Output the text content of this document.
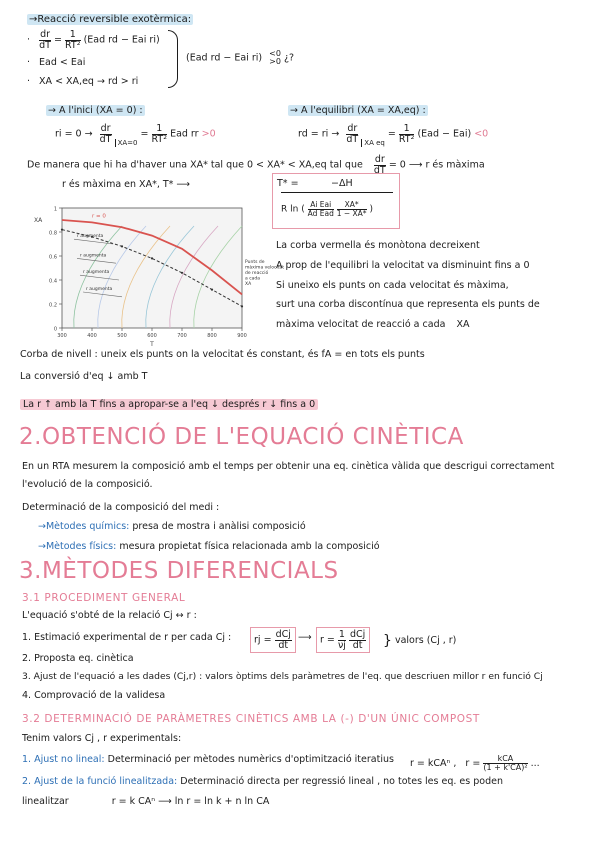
→Reacció reversible exotèrmica:
· $\frac{dr}{dT} = \frac{1}{\text{RT²}} (Ead$ rd − Eai ri)
· Ead < Eai
· XA < XA,eq → rd > ri
(Ead rd − Eai ri) <0
>0 ¿?
→ A l'inici (XA = 0) :
ri = $0 \to \frac{dr}{dT} _{XA=0} = \frac{1}{\text{RT²}}$ Ead rr >0
→ A l'equilibri (XA = XA,eq) :
rd = ri → $\frac{dr}{dT} _{XA eq} = \frac{1}{\text{RT²}} (Ead - Eai) <0$
De manera que hi ha d'haver una XA* tal que 0 < XA* < XA,eq tal que $\frac{dr}{dT} = 0$ ⟶ r és màxima
r és màxima en XA*, T* ⟶	T* =	−ΔH
R ln ( $\frac{\text{Ai Eai}}{\text{Ad Ead}}$
$\frac{XA*}{1 - XA*}$ )
0
0.2
0.4
0.6
0.8
1
300	400	500	600	700	800	900
XA
T
r = 0
r augmenta
r augmenta
r augmenta
r augmenta
Punts de màxima velocitat de reacció a cada XA
La corba vermella és monòtona decreixent
A prop de l'equilibri la velocitat va disminuint fins a 0
Si uneixo els punts on cada velocitat és màxima,
surt una corba discontínua que representa els punts de
màxima velocitat de reacció a cada XA
Corba de nivell : uneix els punts on la velocitat és constant, és fA = en tots els punts
La conversió d'eq ↓ amb T
La r ↑ amb la T fins a apropar-se a l'eq ↓ després r ↓ fins a 0
2.OBTENCIÓ DE L'EQUACIÓ CINÈTICA
En un RTA mesurem la composició amb el temps per obtenir una eq. cinètica vàlida que descrigui correctament
l'evolució de la composició.
Determinació de la composició del medi :
→Mètodes químics: presa de mostra i anàlisi composició
→Mètodes físics: mesura propietat física relacionada amb la composició
3.MÈTODES DIFERENCIALS
3.1 PROCEDIMENT GENERAL
L'equació s'obté de la relació Cj ↔ r :
1. Estimació experimental de r per cada Cj :	rj = $\frac{\text{dCj}}{dt}$ ⟶ $r = \frac{1}{\nu j}$
$\frac{\text{dCj}}{dt}$ } valors (Cj , r)
2. Proposta eq. cinètica
3. Ajust de l'equació a les dades (Cj,r) : valors òptims dels paràmetres de l'eq. que descriuen millor r en funció Cj
4. Comprovació de la validesa
3.2 DETERMINACIÓ DE PARÀMETRES CINÈTICS AMB LA (-) D'UN ÚNIC COMPOST
Tenim valors Cj , r experimentals:
1. Ajust no lineal: Determinació per mètodes numèrics d'optimització iteratius r = kCAⁿ , $r = \frac{\text{kCA}}{\text{(1 + k'CA)²}}$ ...
2. Ajust de la funció linealitzada: Determinació directa per regressió lineal , no totes les eq. es poden
linealitzar	r = k CAⁿ ⟶ ln r = ln k + n ln CA
